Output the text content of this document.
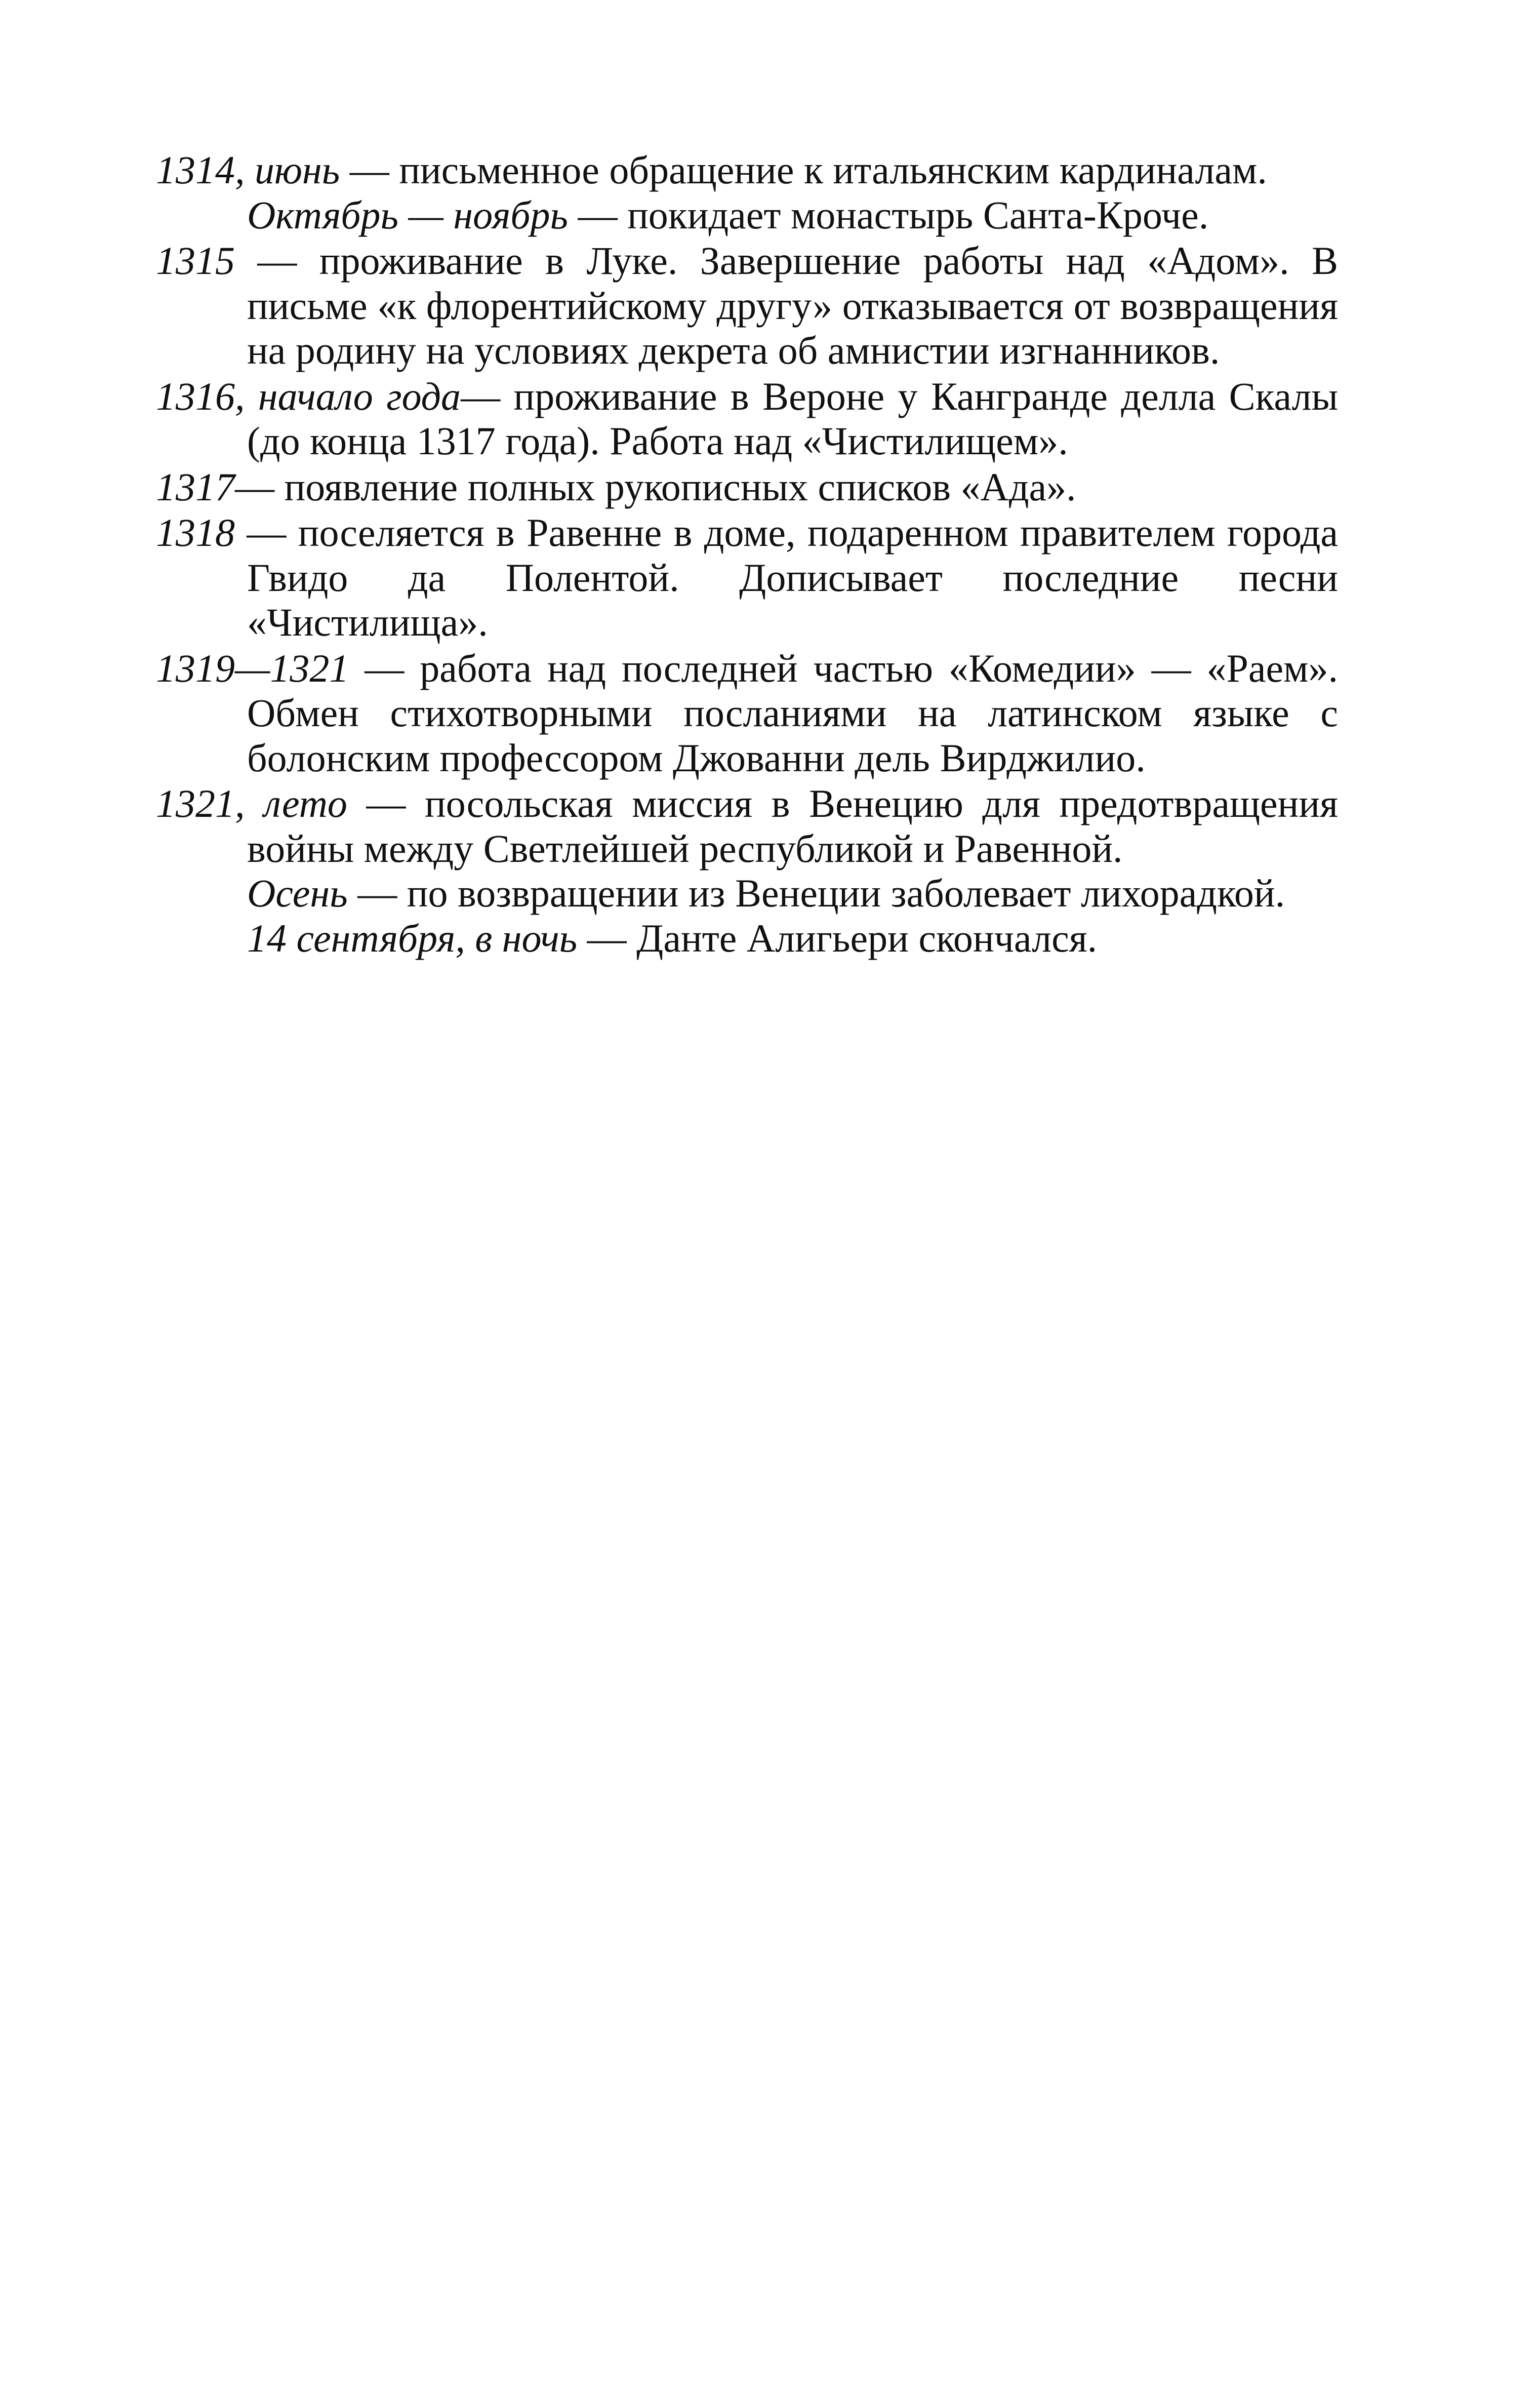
1314, июнь — письменное обращение к итальянским кардиналам.
Октябрь — ноябрь — покидает монастырь Санта-Кроче.

1315 — проживание в Луке. Завершение работы над «Адом». В письме «к флорентийскому другу» отказывается от возвращения на родину на условиях декрета об амнистии изгнанников.

1316, начало года— проживание в Вероне у Кангранде делла Скалы (до конца 1317 года). Работа над «Чистилищем».

1317— появление полных рукописных списков «Ада».

1318 — поселяется в Равенне в доме, подаренном правителем города Гвидо да Полентой. Дописывает последние песни «Чистилища».

1319—1321 — работа над последней частью «Комедии» — «Раем». Обмен стихотворными посланиями на латинском языке с болонским профессором Джованни дель Вирджилио.

1321, лето — посольская миссия в Венецию для предотвращения войны между Светлейшей республикой и Равенной.
Осень — по возвращении из Венеции заболевает лихорадкой.
14 сентября, в ночь — Данте Алигьери скончался.
